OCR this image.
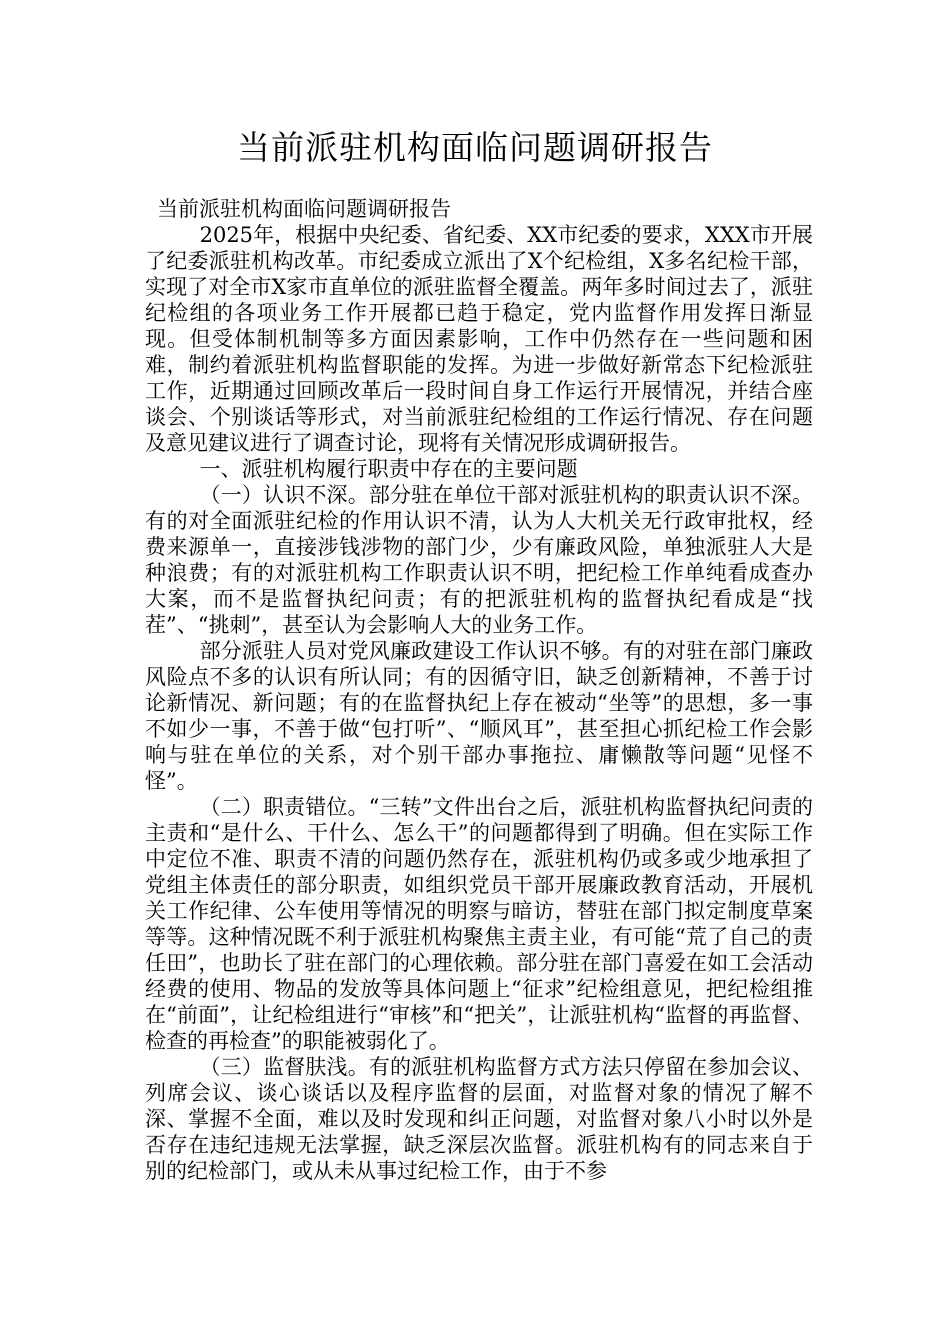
当前派驻机构面临问题调研报告

当前派驻机构面临问题调研报告

2025年，根据中央纪委、省纪委、XX市纪委的要求，XXX市开展了纪委派驻机构改革。市纪委成立派出了X个纪检组，X多名纪检干部，实现了对全市X家市直单位的派驻监督全覆盖。两年多时间过去了，派驻纪检组的各项业务工作开展都已趋于稳定，党内监督作用发挥日渐显现。但受体制机制等多方面因素影响，工作中仍然存在一些问题和困难，制约着派驻机构监督职能的发挥。为进一步做好新常态下纪检派驻工作，近期通过回顾改革后一段时间自身工作运行开展情况，并结合座谈会、个别谈话等形式，对当前派驻纪检组的工作运行情况、存在问题及意见建议进行了调查讨论，现将有关情况形成调研报告。

一、派驻机构履行职责中存在的主要问题

（一）认识不深。部分驻在单位干部对派驻机构的职责认识不深。有的对全面派驻纪检的作用认识不清，认为人大机关无行政审批权，经费来源单一，直接涉钱涉物的部门少，少有廉政风险，单独派驻人大是种浪费；有的对派驻机构工作职责认识不明，把纪检工作单纯看成查办大案，而不是监督执纪问责；有的把派驻机构的监督执纪看成是“找茬”、“挑刺”，甚至认为会影响人大的业务工作。

部分派驻人员对党风廉政建设工作认识不够。有的对驻在部门廉政风险点不多的认识有所认同；有的因循守旧，缺乏创新精神，不善于讨论新情况、新问题；有的在监督执纪上存在被动“坐等”的思想，多一事不如少一事，不善于做“包打听”、“顺风耳”，甚至担心抓纪检工作会影响与驻在单位的关系，对个别干部办事拖拉、庸懒散等问题“见怪不怪”。

（二）职责错位。“三转”文件出台之后，派驻机构监督执纪问责的主责和“是什么、干什么、怎么干”的问题都得到了明确。但在实际工作中定位不准、职责不清的问题仍然存在，派驻机构仍或多或少地承担了党组主体责任的部分职责，如组织党员干部开展廉政教育活动，开展机关工作纪律、公车使用等情况的明察与暗访，替驻在部门拟定制度草案等等。这种情况既不利于派驻机构聚焦主责主业，有可能“荒了自己的责任田”，也助长了驻在部门的心理依赖。部分驻在部门喜爱在如工会活动经费的使用、物品的发放等具体问题上“征求”纪检组意见，把纪检组推在“前面”，让纪检组进行“审核”和“把关”，让派驻机构“监督的再监督、检查的再检查”的职能被弱化了。

（三）监督肤浅。有的派驻机构监督方式方法只停留在参加会议、列席会议、谈心谈话以及程序监督的层面，对监督对象的情况了解不深、掌握不全面，难以及时发现和纠正问题，对监督对象八小时以外是否存在违纪违规无法掌握，缺乏深层次监督。派驻机构有的同志来自于别的纪检部门，或从未从事过纪检工作，由于不参
